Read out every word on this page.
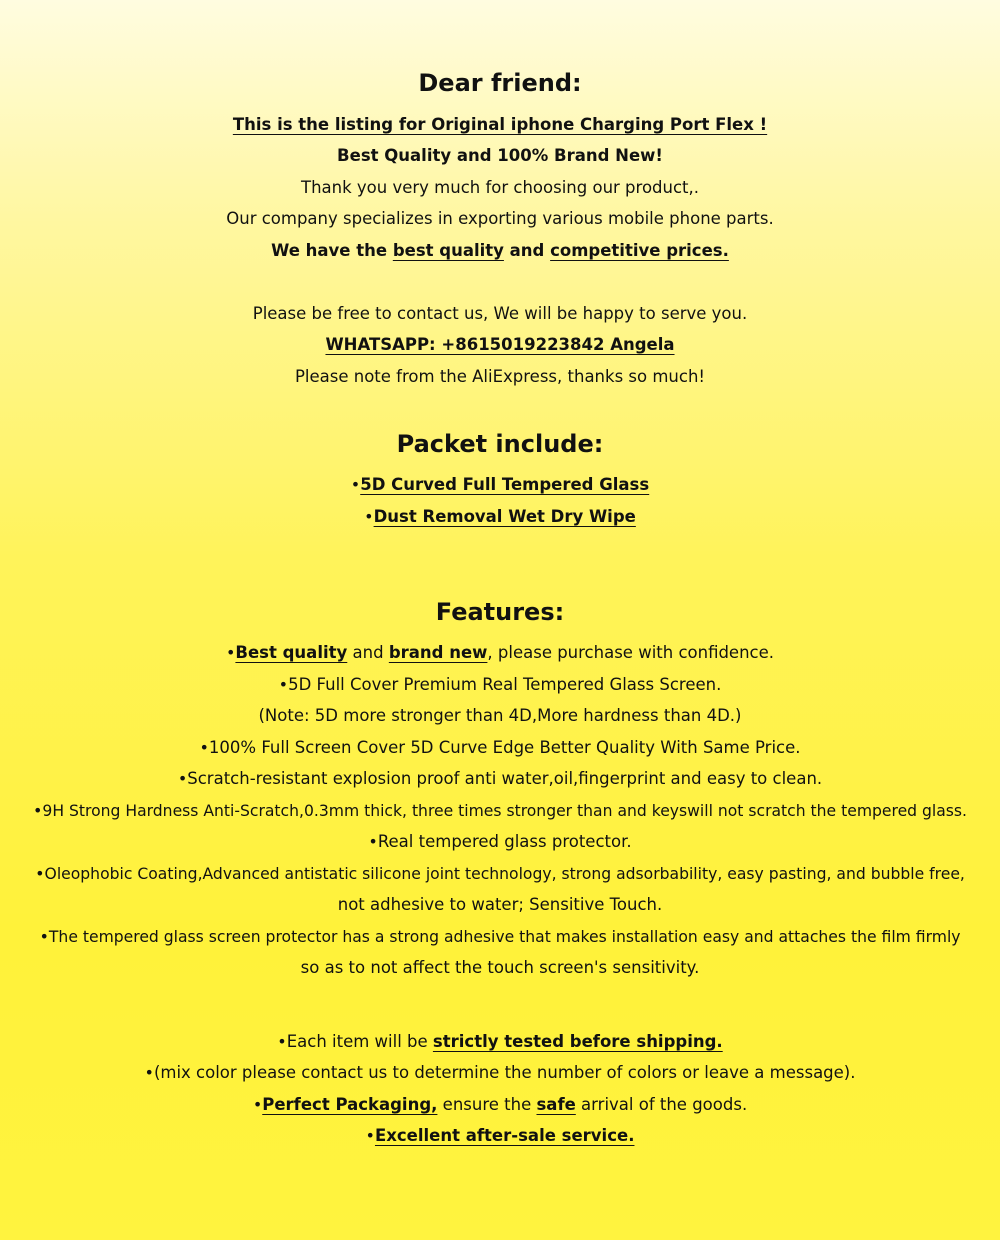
Dear friend:
This is the listing for Original iphone Charging Port Flex !
Best Quality and 100% Brand New!
Thank you very much for choosing our product,.
Our company specializes in exporting various mobile phone parts.
We have the best quality and competitive prices.
Please be free to contact us, We will be happy to serve you.
WHATSAPP: +8615019223842 Angela
Please note from the AliExpress, thanks so much!
Packet include:
•5D Curved Full Tempered Glass
•Dust Removal Wet Dry Wipe
Features:
•Best quality and brand new, please purchase with confidence.
•5D Full Cover Premium Real Tempered Glass Screen.
(Note: 5D more stronger than 4D,More hardness than 4D.)
•100% Full Screen Cover 5D Curve Edge Better Quality With Same Price.
•Scratch-resistant explosion proof anti water,oil,fingerprint and easy to clean.
•9H Strong Hardness Anti-Scratch,0.3mm thick, three times stronger than and keyswill not scratch the tempered glass.
•Real tempered glass protector.
•Oleophobic Coating,Advanced antistatic silicone joint technology, strong adsorbability, easy pasting, and bubble free,
not adhesive to water; Sensitive Touch.
•The tempered glass screen protector has a strong adhesive that makes installation easy and attaches the film firmly
so as to not affect the touch screen's sensitivity.
•Each item will be strictly tested before shipping.
•(mix color please contact us to determine the number of colors or leave a message).
•Perfect Packaging, ensure the safe arrival of the goods.
•Excellent after-sale service.
